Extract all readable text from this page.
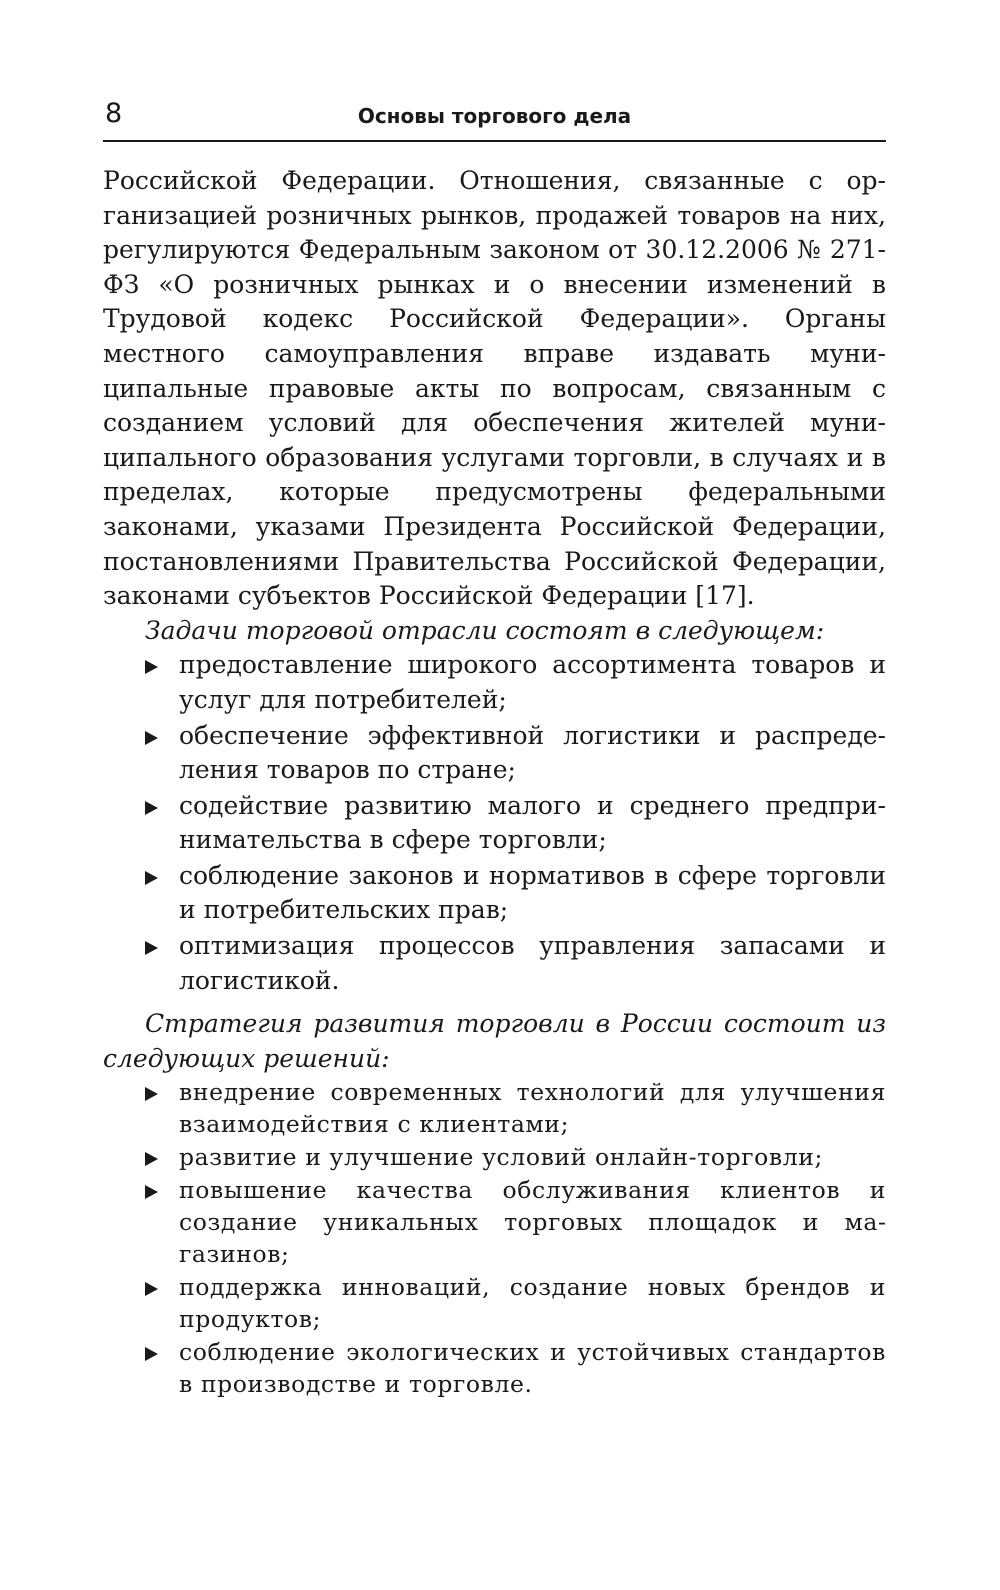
8	Основы торгового дела

Российской Федерации. Отношения, связанные с организацией розничных рынков, продажей товаров на них, регулируются Федеральным законом от 30.12.2006 № 271-ФЗ «О розничных рынках и о внесении изменений в Трудовой кодекс Российской Федерации». Органы местного самоуправления вправе издавать муниципальные правовые акты по вопросам, связанным с созданием условий для обеспечения жителей муниципального образования услугами торговли, в случаях и в пределах, которые предусмотрены федеральными законами, указами Президента Российской Федерации, постановлениями Правительства Российской Федерации, законами субъектов Российской Федерации [17].

Задачи торговой отрасли состоят в следующем:

предоставление широкого ассортимента товаров и услуг для потребителей;
обеспечение эффективной логистики и распределения товаров по стране;
содействие развитию малого и среднего предпринимательства в сфере торговли;
соблюдение законов и нормативов в сфере торговли и потребительских прав;
оптимизация процессов управления запасами и логистикой.

Стратегия развития торговли в России состоит из следующих решений:

внедрение современных технологий для улучшения взаимодействия с клиентами;
развитие и улучшение условий онлайн-торговли;
повышение качества обслуживания клиентов и создание уникальных торговых площадок и магазинов;
поддержка инноваций, создание новых брендов и продуктов;
соблюдение экологических и устойчивых стандартов в производстве и торговле.
